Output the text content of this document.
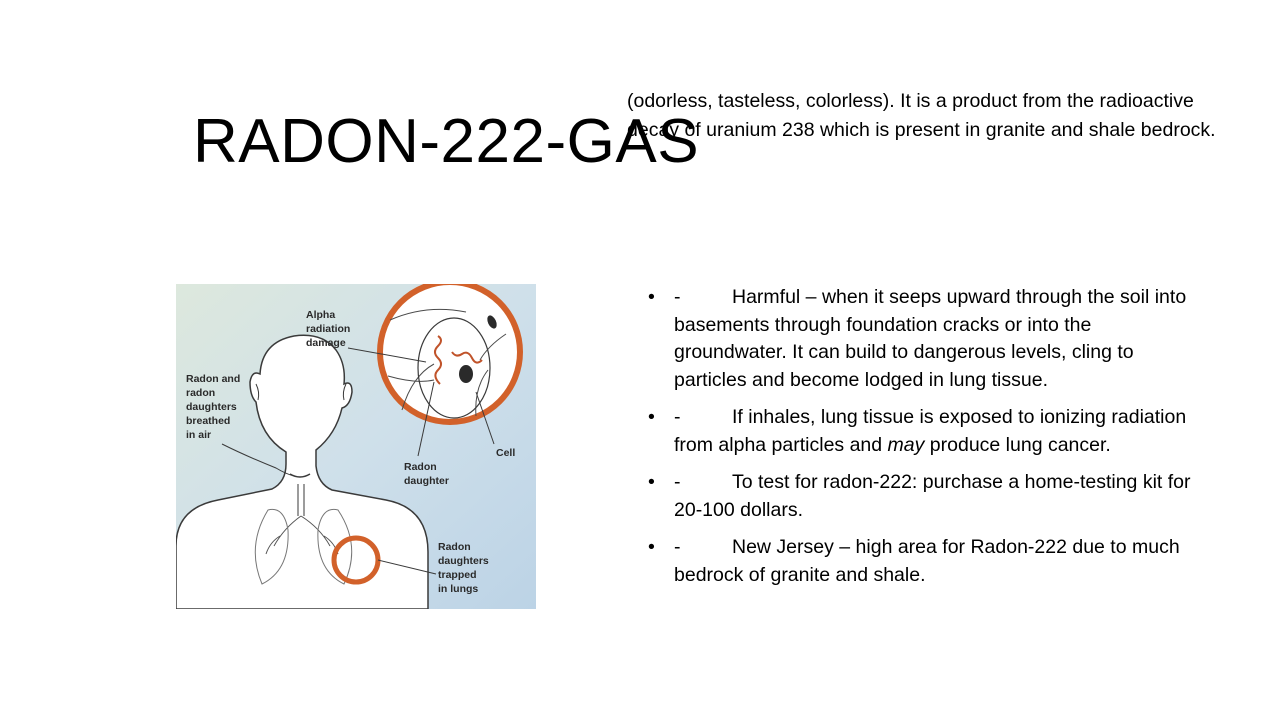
RADON-222-GAS
(odorless, tasteless, colorless). It is a product from the radioactive decay of uranium 238 which is present in granite and shale bedrock.
Alpha
radiation
damage
Radon and
radon
daughters
breathed
in air
Cell
Radon
daughter
Radon
daughters
trapped
in lungs
• -	Harmful – when it seeps upward through the soil into basements through foundation cracks or into the groundwater. It can build to dangerous levels, cling to particles and become lodged in lung tissue.
• -	If inhales, lung tissue is exposed to ionizing radiation from alpha particles and may produce lung cancer.
• -	To test for radon-222: purchase a home-testing kit for 20-100 dollars.
• -	New Jersey – high area for Radon-222 due to much bedrock of granite and shale.
